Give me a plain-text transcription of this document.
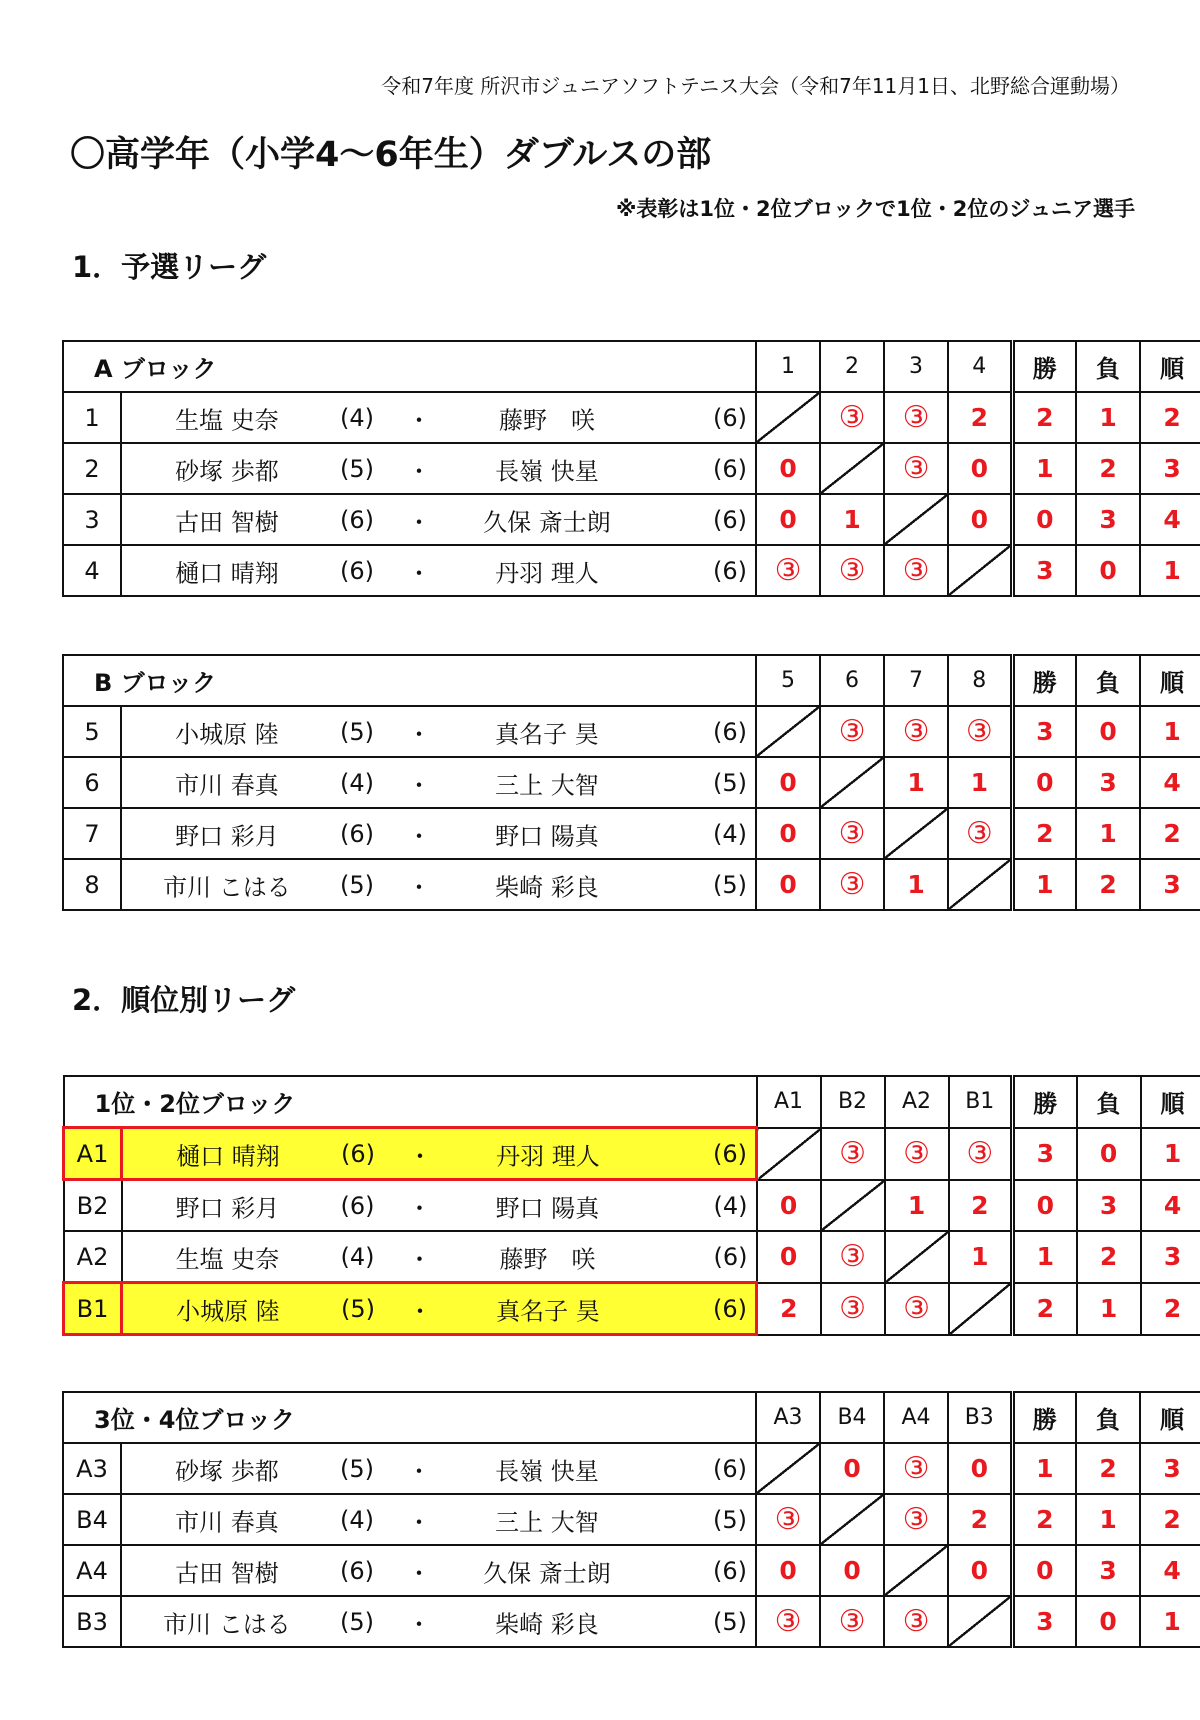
令和7年度 所沢市ジュニアソフトテニス大会（令和7年11月1日、北野総合運動場）
〇高学年（小学4〜6年生）ダブルスの部
※表彰は1位・2位ブロックで1位・2位のジュニア選手
1．予選リーグ
2．順位別リーグ
A ブロック		1	2	3	4	勝	負	順
1	生塩 史奈 (4) ・ 藤野　咲 (6)		③	③	2	2	1	2
2	砂塚 歩都 (5) ・ 長嶺 快星 (6)	0		③	0	1	2	3
3	古田 智樹 (6) ・ 久保 斎士朗 (6)	0	1		0	0	3	4
4	樋口 晴翔 (6) ・ 丹羽 理人 (6)	③	③	③		3	0	1
B ブロック		5	6	7	8	勝	負	順
5	小城原 陸 (5) ・ 真名子 昊 (6)		③	③	③	3	0	1
6	市川 春真 (4) ・ 三上 大智 (5)	0		1	1	0	3	4
7	野口 彩月 (6) ・ 野口 陽真 (4)	0	③		③	2	1	2
8	市川 こはる (5) ・ 柴崎 彩良 (5)	0	③	1		1	2	3
1位・2位ブロック		A1	B2	A2	B1	勝	負	順
A1	樋口 晴翔 (6) ・ 丹羽 理人 (6)		③	③	③	3	0	1
B2	野口 彩月 (6) ・ 野口 陽真 (4)	0		1	2	0	3	4
A2	生塩 史奈 (4) ・ 藤野　咲 (6)	0	③		1	1	2	3
B1	小城原 陸 (5) ・ 真名子 昊 (6)	2	③	③		2	1	2
3位・4位ブロック		A3	B4	A4	B3	勝	負	順
A3	砂塚 歩都 (5) ・ 長嶺 快星 (6)		0	③	0	1	2	3
B4	市川 春真 (4) ・ 三上 大智 (5)	③		③	2	2	1	2
A4	古田 智樹 (6) ・ 久保 斎士朗 (6)	0	0		0	0	3	4
B3	市川 こはる (5) ・ 柴崎 彩良 (5)	③	③	③		3	0	1
